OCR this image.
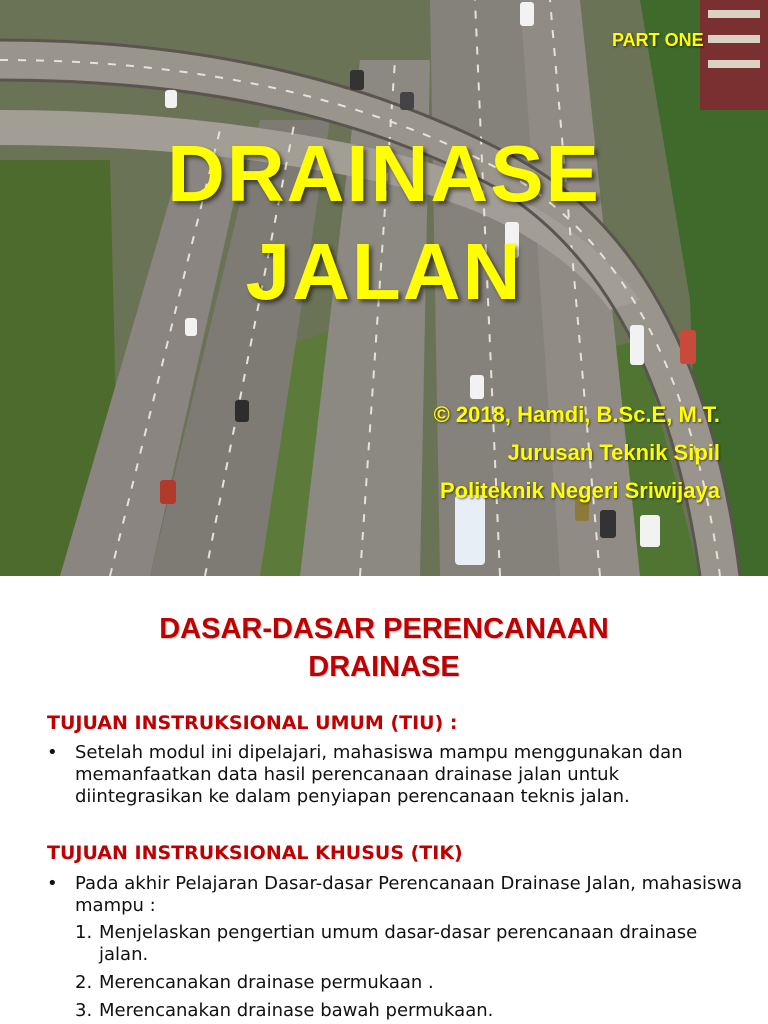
PART ONE
DRAINASE
JALAN
© 2018, Hamdi, B.Sc.E, M.T.
Jurusan Teknik Sipil
Politeknik Negeri Sriwijaya
DASAR-DASAR PERENCANAAN
DRAINASE
TUJUAN INSTRUKSIONAL UMUM (TIU) :
• Setelah modul ini dipelajari, mahasiswa mampu menggunakan dan memanfaatkan data hasil perencanaan drainase jalan untuk diintegrasikan ke dalam penyiapan perencanaan teknis jalan.
TUJUAN INSTRUKSIONAL KHUSUS (TIK)
• Pada akhir Pelajaran Dasar-dasar Perencanaan Drainase Jalan, mahasiswa mampu :
1. Menjelaskan pengertian umum dasar-dasar perencanaan drainase jalan.
2. Merencanakan drainase permukaan .
3. Merencanakan drainase bawah permukaan.
